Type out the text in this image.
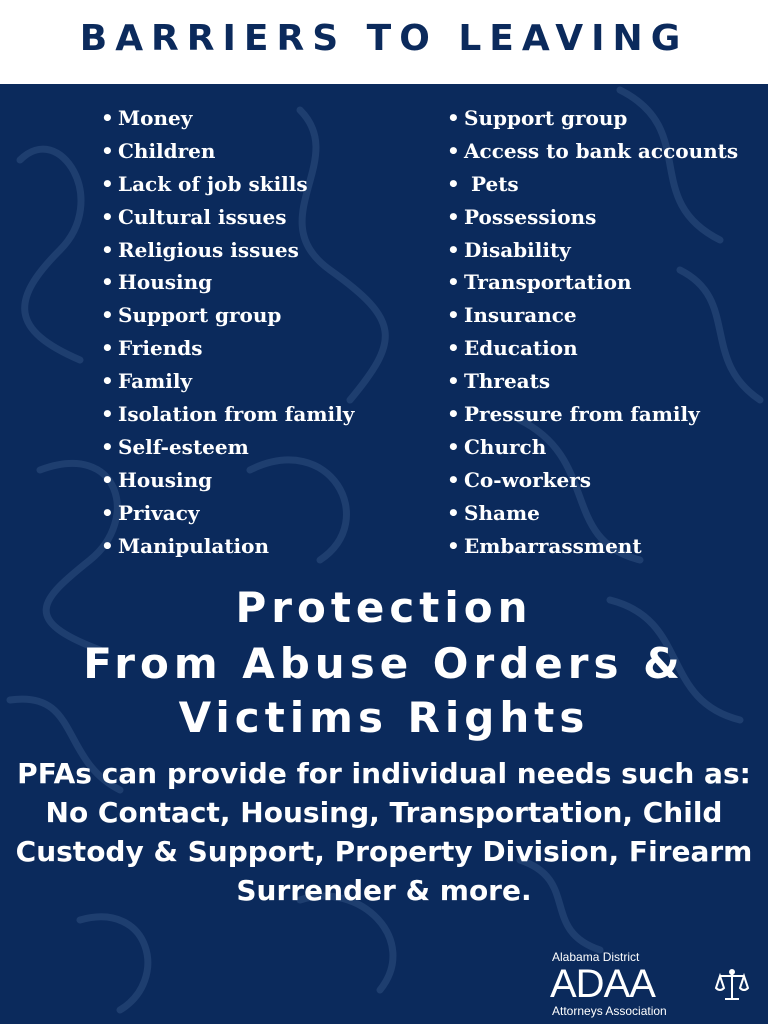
BARRIERS TO LEAVING
• Money
• Children
• Lack of job skills
• Cultural issues
• Religious issues
• Housing
• Support group
• Friends
• Family
• Isolation from family
• Self-esteem
• Housing
• Privacy
• Manipulation
• Support group
• Access to bank accounts
• Pets
• Possessions
• Disability
• Transportation
• Insurance
• Education
• Threats
• Pressure from family
• Church
• Co-workers
• Shame
• Embarrassment

Protection

From Abuse Orders &

Victims Rights

PFAs can provide for individual needs such as: No Contact, Housing, Transportation, Child Custody & Support, Property Division, Firearm Surrender & more.

Alabama District
ADAA
Attorneys Association
